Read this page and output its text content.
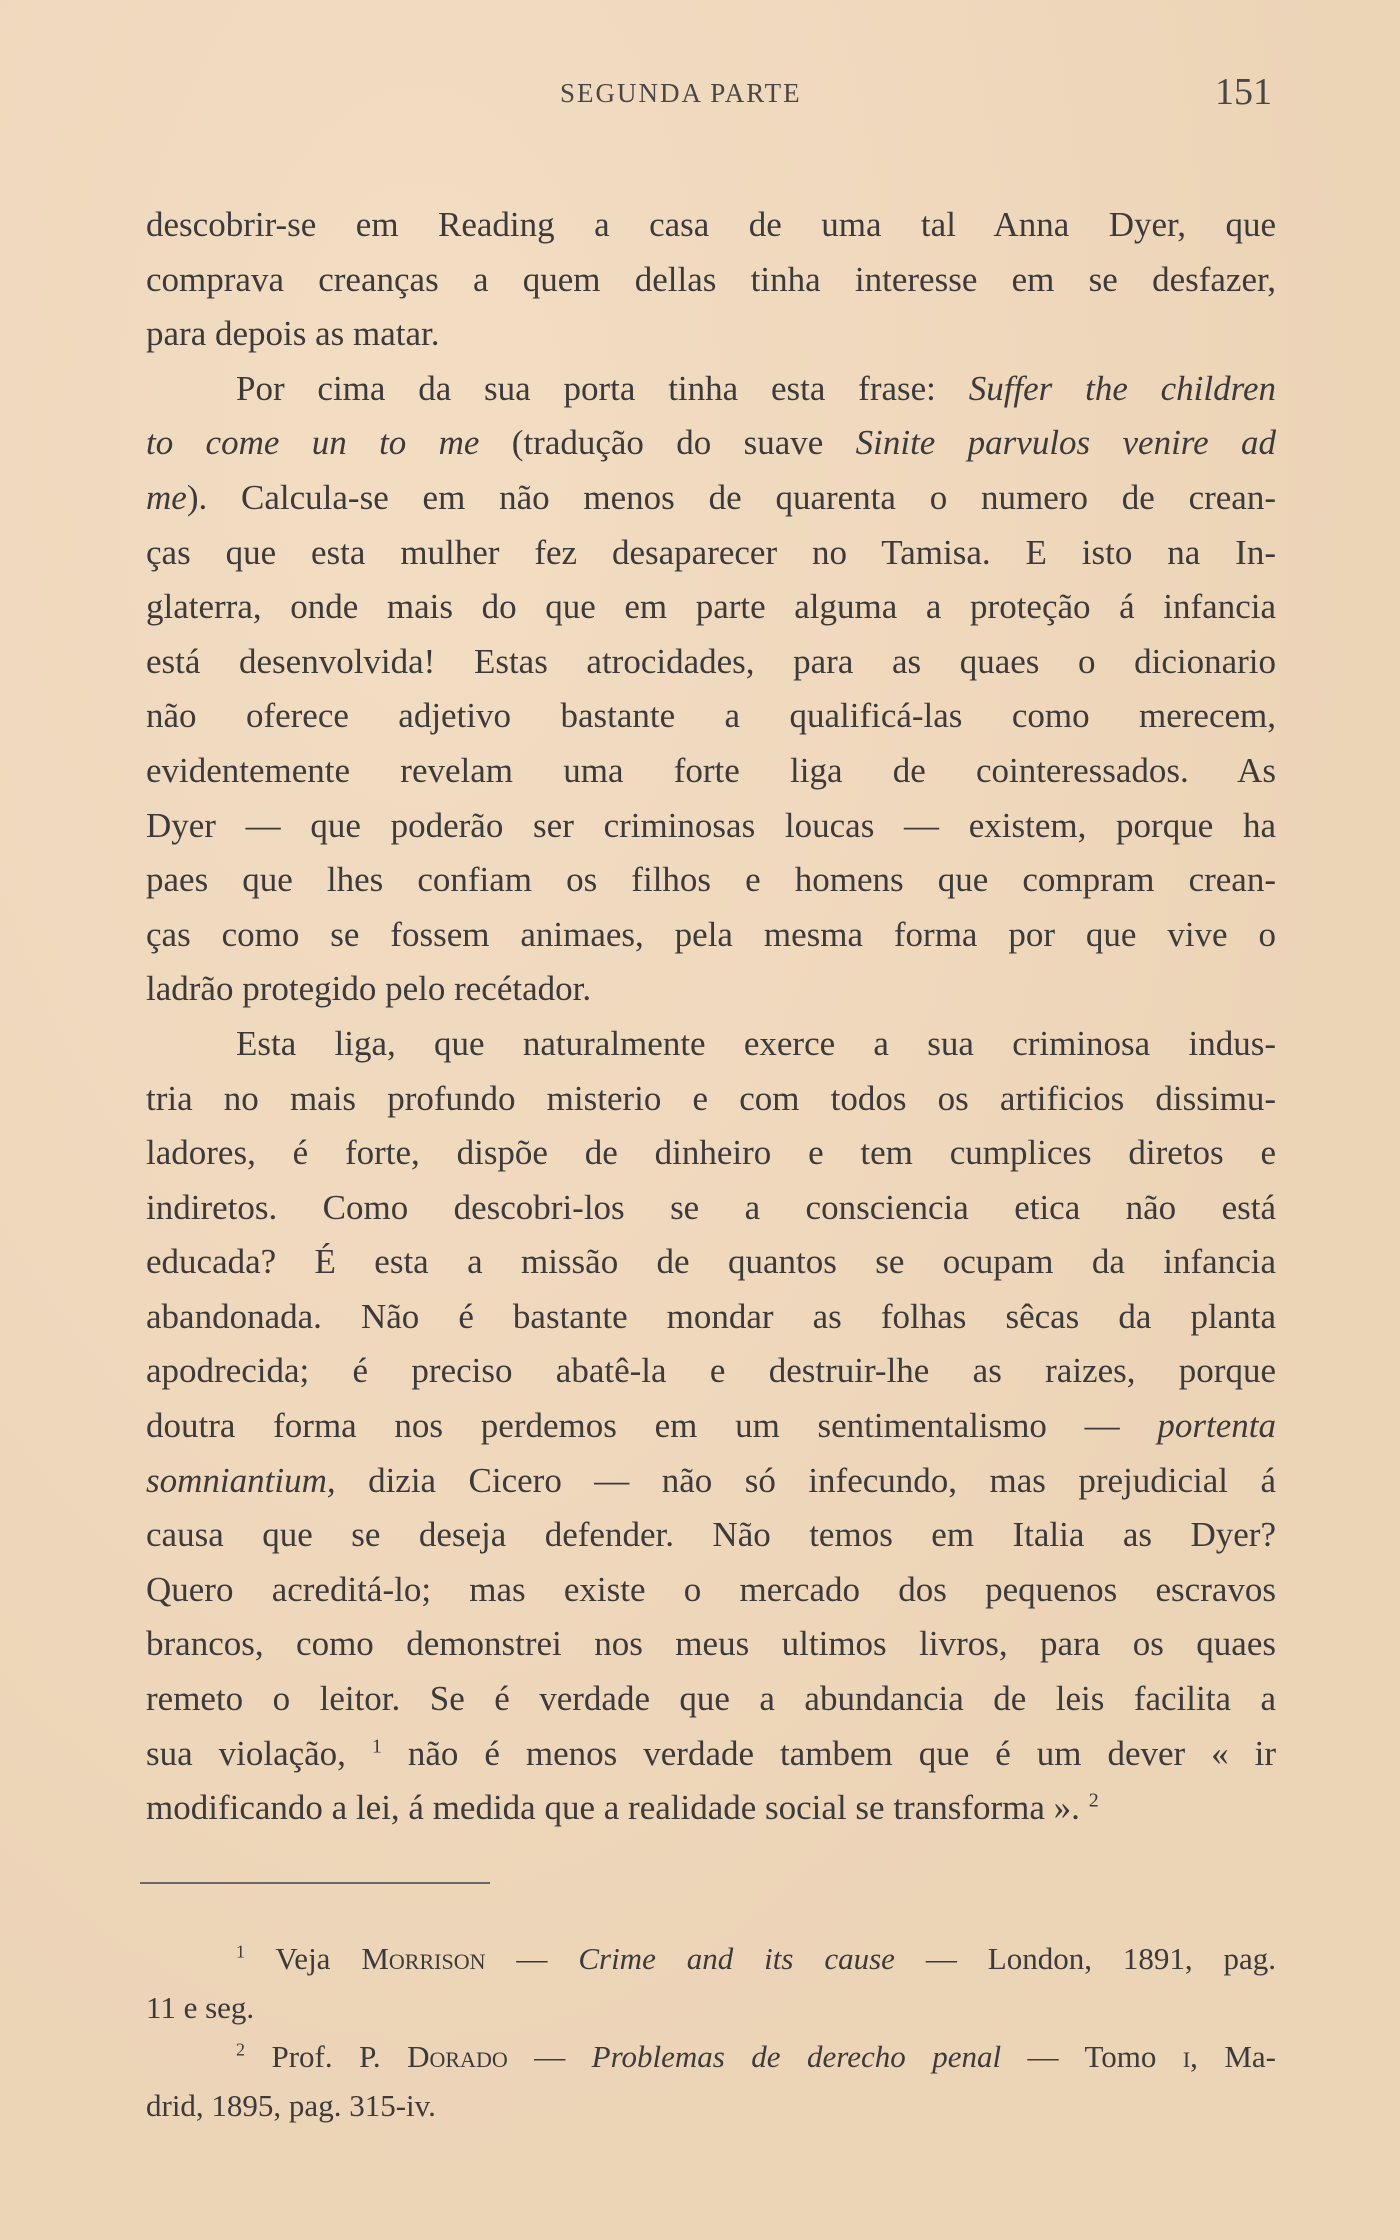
SEGUNDA PARTE	151
descobrir-se em Reading a casa de uma tal Anna Dyer, que
comprava creanças a quem dellas tinha interesse em se desfazer,
para depois as matar.
Por cima da sua porta tinha esta frase: Suffer the children
to come un to me (tradução do suave Sinite parvulos venire ad
me). Calcula-se em não menos de quarenta o numero de crean-
ças que esta mulher fez desaparecer no Tamisa. E isto na In-
glaterra, onde mais do que em parte alguma a proteção á infancia
está desenvolvida! Estas atrocidades, para as quaes o dicionario
não oferece adjetivo bastante a qualificá-las como merecem,
evidentemente revelam uma forte liga de cointeressados. As
Dyer — que poderão ser criminosas loucas — existem, porque ha
paes que lhes confiam os filhos e homens que compram crean-
ças como se fossem animaes, pela mesma forma por que vive o
ladrão protegido pelo recétador.
Esta liga, que naturalmente exerce a sua criminosa indus-
tria no mais profundo misterio e com todos os artificios dissimu-
ladores, é forte, dispõe de dinheiro e tem cumplices diretos e
indiretos. Como descobri-los se a consciencia etica não está
educada? É esta a missão de quantos se ocupam da infancia
abandonada. Não é bastante mondar as folhas sêcas da planta
apodrecida; é preciso abatê-la e destruir-lhe as raizes, porque
doutra forma nos perdemos em um sentimentalismo — portenta
somniantium, dizia Cicero — não só infecundo, mas prejudicial á
causa que se deseja defender. Não temos em Italia as Dyer?
Quero acreditá-lo; mas existe o mercado dos pequenos escravos
brancos, como demonstrei nos meus ultimos livros, para os quaes
remeto o leitor. Se é verdade que a abundancia de leis facilita a
sua violação, $^1$ não é menos verdade tambem que é um dever « ir
modificando a lei, á medida que a realidade social se transforma ». $^2$
$^1$ Veja Morrison — Crime and its cause — London, 1891, pag.
11 e seg.
$^2$ Prof. P. Dorado — Problemas de derecho penal — Tomo i, Ma-
drid, 1895, pag. 315-iv.
